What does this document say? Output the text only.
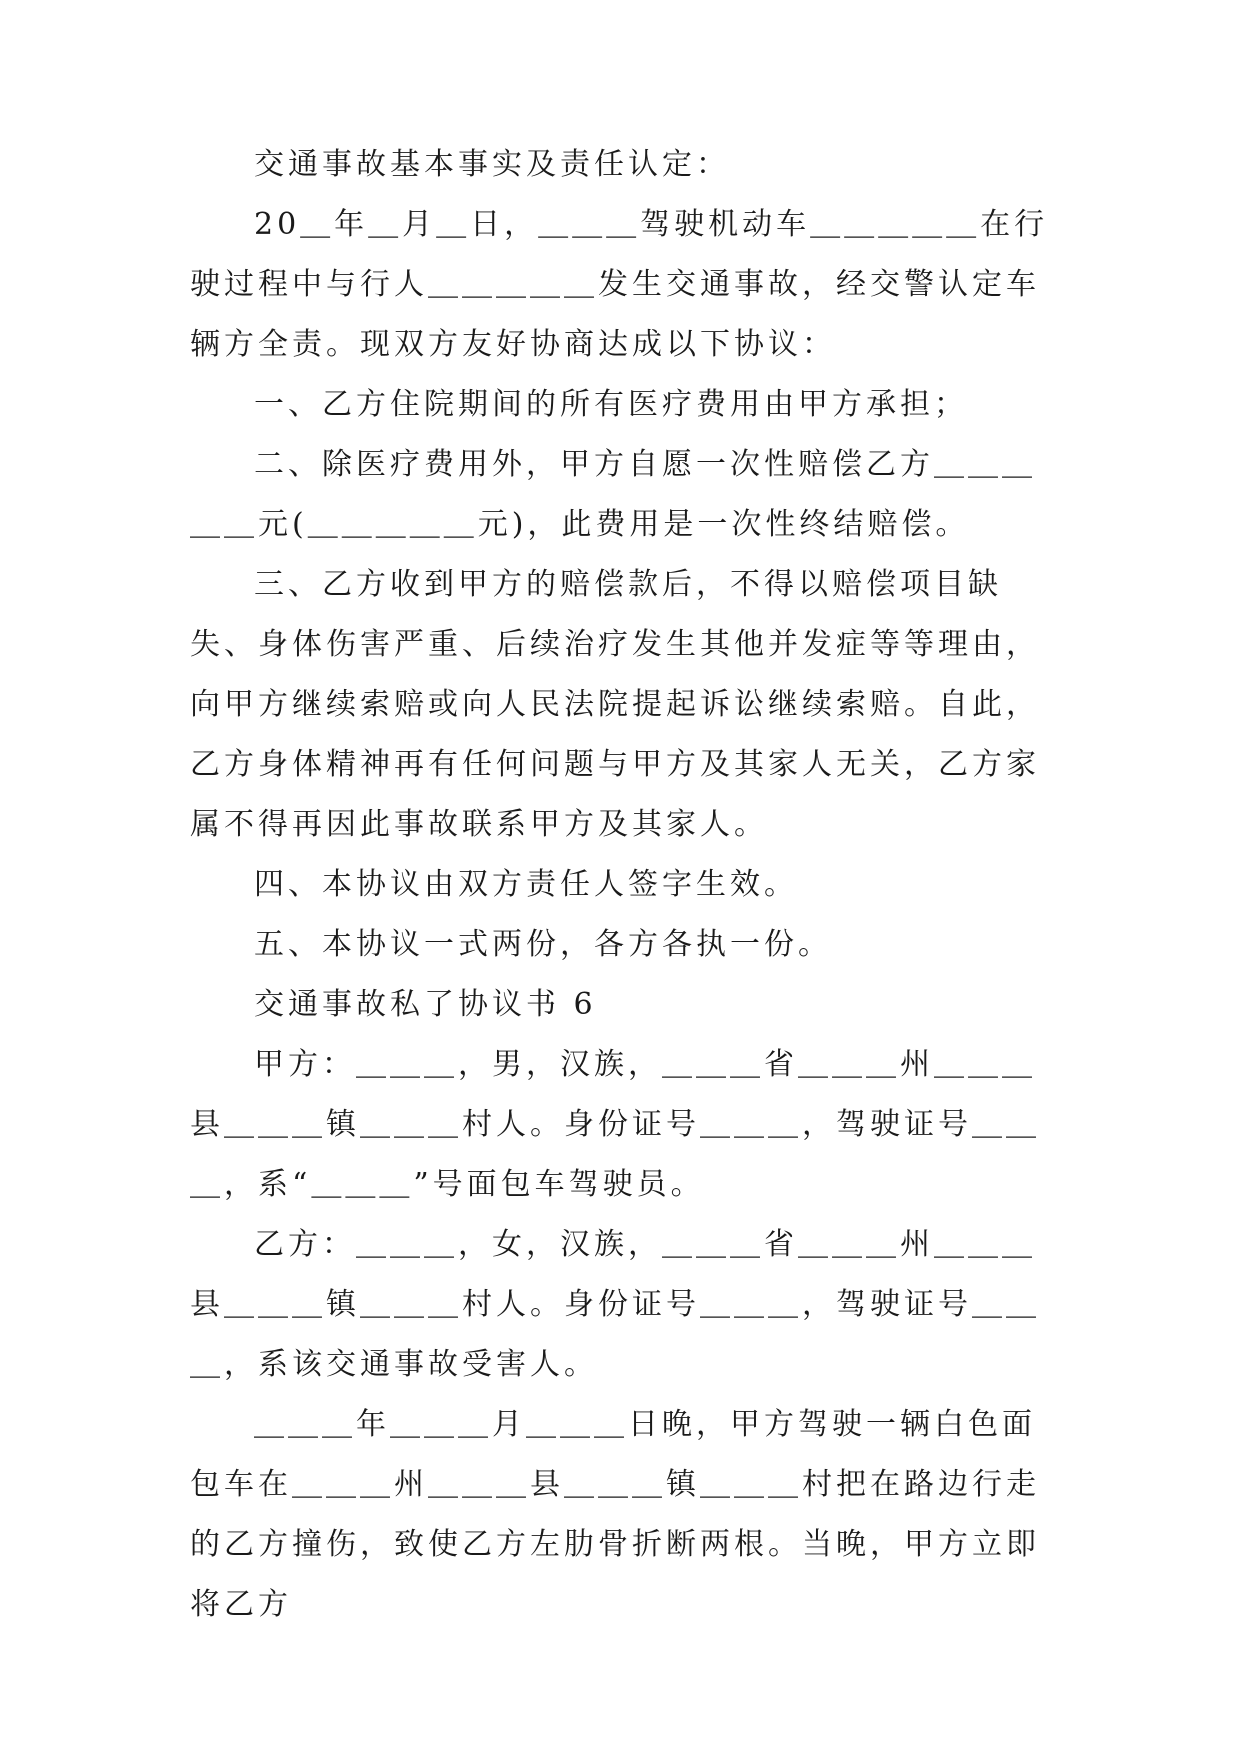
交通事故基本事实及责任认定：

20＿年＿月＿日，＿＿＿驾驶机动车＿＿＿＿＿在行驶过程中与行人＿＿＿＿＿发生交通事故，经交警认定车辆方全责。现双方友好协商达成以下协议：

一、乙方住院期间的所有医疗费用由甲方承担；

二、除医疗费用外，甲方自愿一次性赔偿乙方＿＿＿＿＿元(＿＿＿＿＿元)，此费用是一次性终结赔偿。

三、乙方收到甲方的赔偿款后，不得以赔偿项目缺失、身体伤害严重、后续治疗发生其他并发症等等理由，向甲方继续索赔或向人民法院提起诉讼继续索赔。自此，乙方身体精神再有任何问题与甲方及其家人无关，乙方家属不得再因此事故联系甲方及其家人。

四、本协议由双方责任人签字生效。

五、本协议一式两份，各方各执一份。

交通事故私了协议书 6

甲方：＿＿＿，男，汉族，＿＿＿省＿＿＿州＿＿＿县＿＿＿镇＿＿＿村人。身份证号＿＿＿，驾驶证号＿＿＿，系“＿＿＿”号面包车驾驶员。

乙方：＿＿＿，女，汉族，＿＿＿省＿＿＿州＿＿＿县＿＿＿镇＿＿＿村人。身份证号＿＿＿，驾驶证号＿＿＿，系该交通事故受害人。

＿＿＿年＿＿＿月＿＿＿日晚，甲方驾驶一辆白色面包车在＿＿＿州＿＿＿县＿＿＿镇＿＿＿村把在路边行走的乙方撞伤，致使乙方左肋骨折断两根。当晚，甲方立即将乙方
